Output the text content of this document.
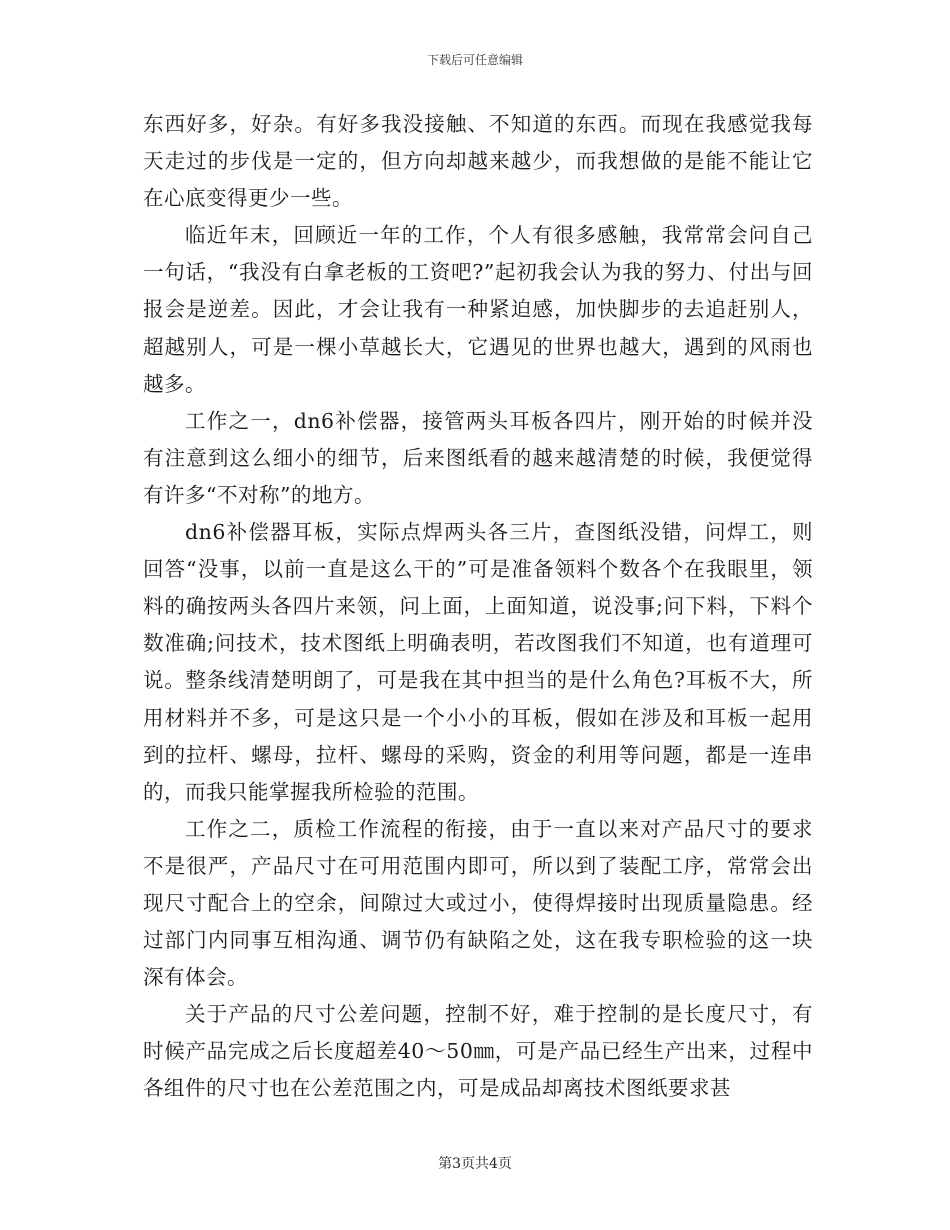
下载后可任意编辑

东西好多，好杂。有好多我没接触、不知道的东西。而现在我感觉我每天走过的步伐是一定的，但方向却越来越少，而我想做的是能不能让它在心底变得更少一些。

临近年末，回顾近一年的工作，个人有很多感触，我常常会问自己一句话，“我没有白拿老板的工资吧?”起初我会认为我的努力、付出与回报会是逆差。因此，才会让我有一种紧迫感，加快脚步的去追赶别人，超越别人，可是一棵小草越长大，它遇见的世界也越大，遇到的风雨也越多。

工作之一，dn6补偿器，接管两头耳板各四片，刚开始的时候并没有注意到这么细小的细节，后来图纸看的越来越清楚的时候，我便觉得有许多“不对称”的地方。

dn6补偿器耳板，实际点焊两头各三片，查图纸没错，问焊工，则回答“没事，以前一直是这么干的”可是准备领料个数各个在我眼里，领料的确按两头各四片来领，问上面，上面知道，说没事;问下料，下料个数准确;问技术，技术图纸上明确表明，若改图我们不知道，也有道理可说。整条线清楚明朗了，可是我在其中担当的是什么角色?耳板不大，所用材料并不多，可是这只是一个小小的耳板，假如在涉及和耳板一起用到的拉杆、螺母，拉杆、螺母的采购，资金的利用等问题，都是一连串的，而我只能掌握我所检验的范围。

工作之二，质检工作流程的衔接，由于一直以来对产品尺寸的要求不是很严，产品尺寸在可用范围内即可，所以到了装配工序，常常会出现尺寸配合上的空余，间隙过大或过小，使得焊接时出现质量隐患。经过部门内同事互相沟通、调节仍有缺陷之处，这在我专职检验的这一块深有体会。

关于产品的尺寸公差问题，控制不好，难于控制的是长度尺寸，有时候产品完成之后长度超差40～50㎜，可是产品已经生产出来，过程中各组件的尺寸也在公差范围之内，可是成品却离技术图纸要求甚

第3页共4页
